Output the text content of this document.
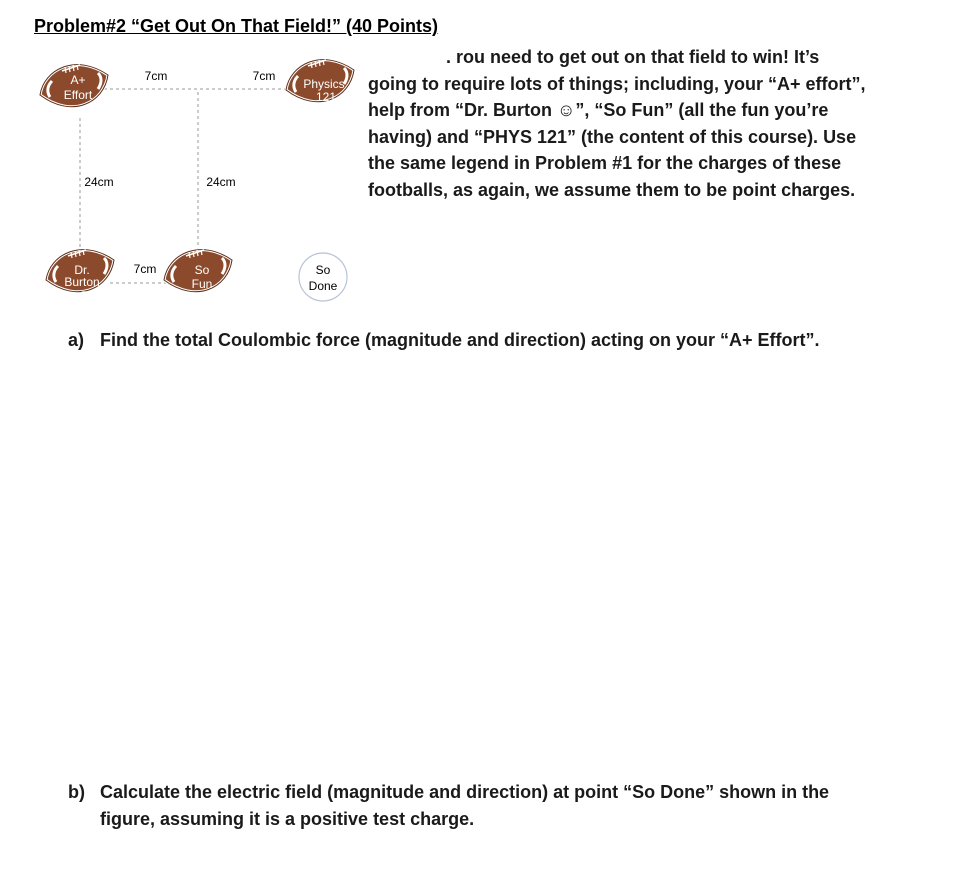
Problem#2 “Get Out On That Field!” (40 Points)
. rou need to get out on that field to win! It’s
going to require lots of things; including, your “A+ effort”,
help from “Dr. Burton ☺”, “So Fun” (all the fun you’re
having) and “PHYS 121” (the content of this course). Use
the same legend in Problem #1 for the charges of these
footballs, as again, we assume them to be point charges.
A+
Effort
Physics
121
Dr.
Burton
☺
So
Fun
So
Done
7cm	7cm
24cm	24cm
7cm
a) Find the total Coulombic force (magnitude and direction) acting on your “A+ Effort”.
b) Calculate the electric field (magnitude and direction) at point “So Done” shown in the
figure, assuming it is a positive test charge.
